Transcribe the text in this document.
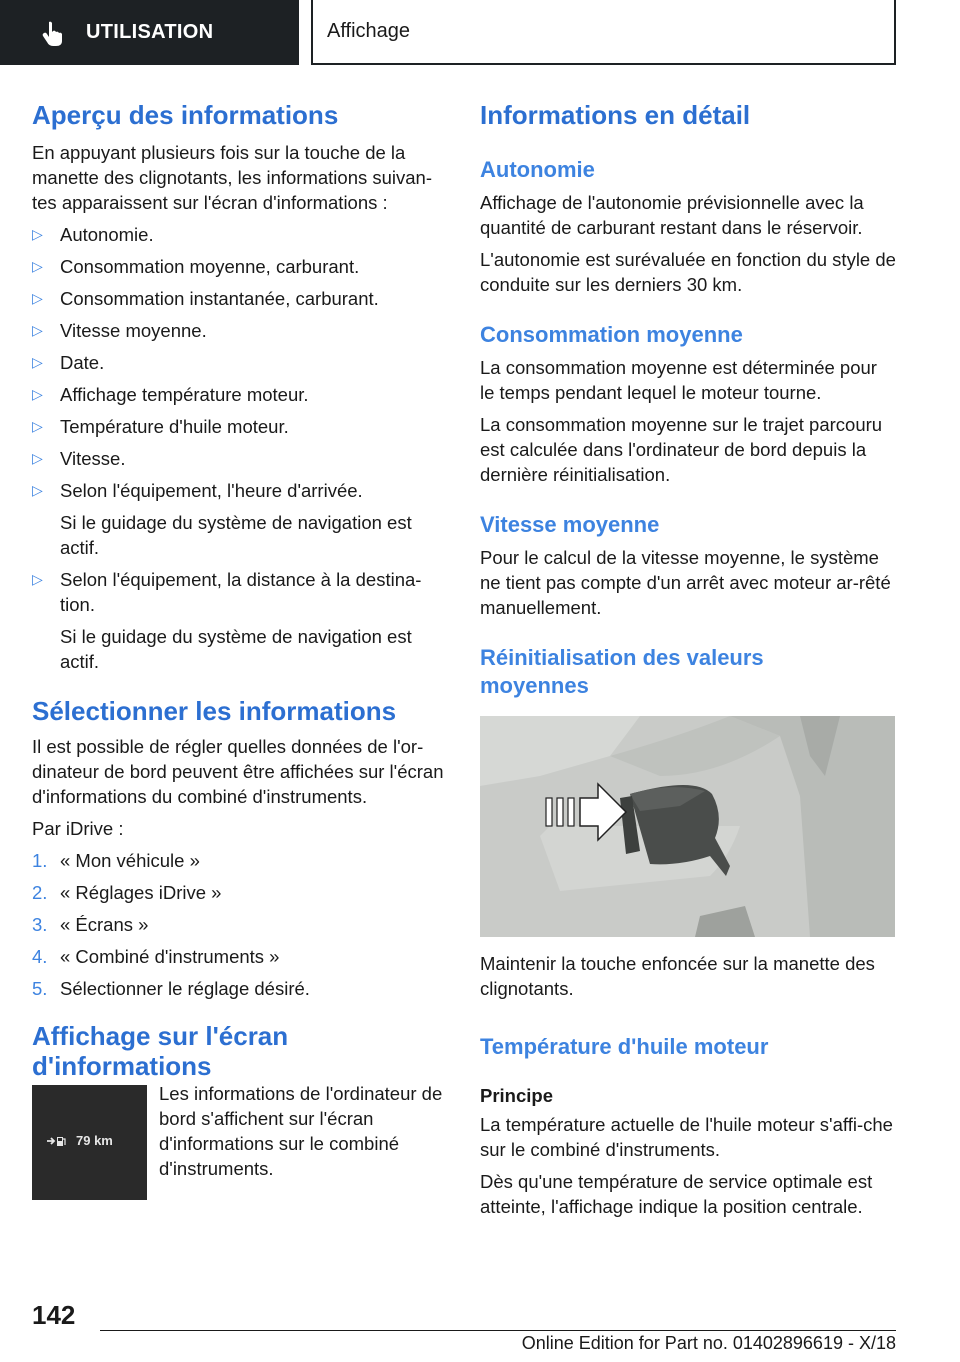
UTILISATION	Affichage
Aperçu des informations
En appuyant plusieurs fois sur la touche de la manette des clignotants, les informations suivan-tes apparaissent sur l'écran d'informations :
▷ Autonomie.
▷ Consommation moyenne, carburant.
▷ Consommation instantanée, carburant.
▷ Vitesse moyenne.
▷ Date.
▷ Affichage température moteur.
▷ Température d'huile moteur.
▷ Vitesse.
▷ Selon l'équipement, l'heure d'arrivée.
Si le guidage du système de navigation est actif.
▷ Selon l'équipement, la distance à la destina-tion.
Si le guidage du système de navigation est actif.
Sélectionner les informations
Il est possible de régler quelles données de l'or-dinateur de bord peuvent être affichées sur l'écran d'informations du combiné d'instruments.
Par iDrive :
1. « Mon véhicule »
2. « Réglages iDrive »
3. « Écrans »
4. « Combiné d'instruments »
5. Sélectionner le réglage désiré.
Affichage sur l'écran
d'informations
79 km
Les informations de l'ordinateur de bord s'affichent sur l'écran d'informations sur le combiné d'instruments.
Informations en détail
Autonomie
Affichage de l'autonomie prévisionnelle avec la quantité de carburant restant dans le réservoir.
L'autonomie est surévaluée en fonction du style de conduite sur les derniers 30 km.
Consommation moyenne
La consommation moyenne est déterminée pour le temps pendant lequel le moteur tourne.
La consommation moyenne sur le trajet parcouru est calculée dans l'ordinateur de bord depuis la dernière réinitialisation.
Vitesse moyenne
Pour le calcul de la vitesse moyenne, le système ne tient pas compte d'un arrêt avec moteur ar-rêté manuellement.
Réinitialisation des valeurs
moyennes
Maintenir la touche enfoncée sur la manette des clignotants.
Température d'huile moteur
Principe
La température actuelle de l'huile moteur s'affi-che sur le combiné d'instruments.
Dès qu'une température de service optimale est atteinte, l'affichage indique la position centrale.
142
Online Edition for Part no. 01402896619 - X/18
